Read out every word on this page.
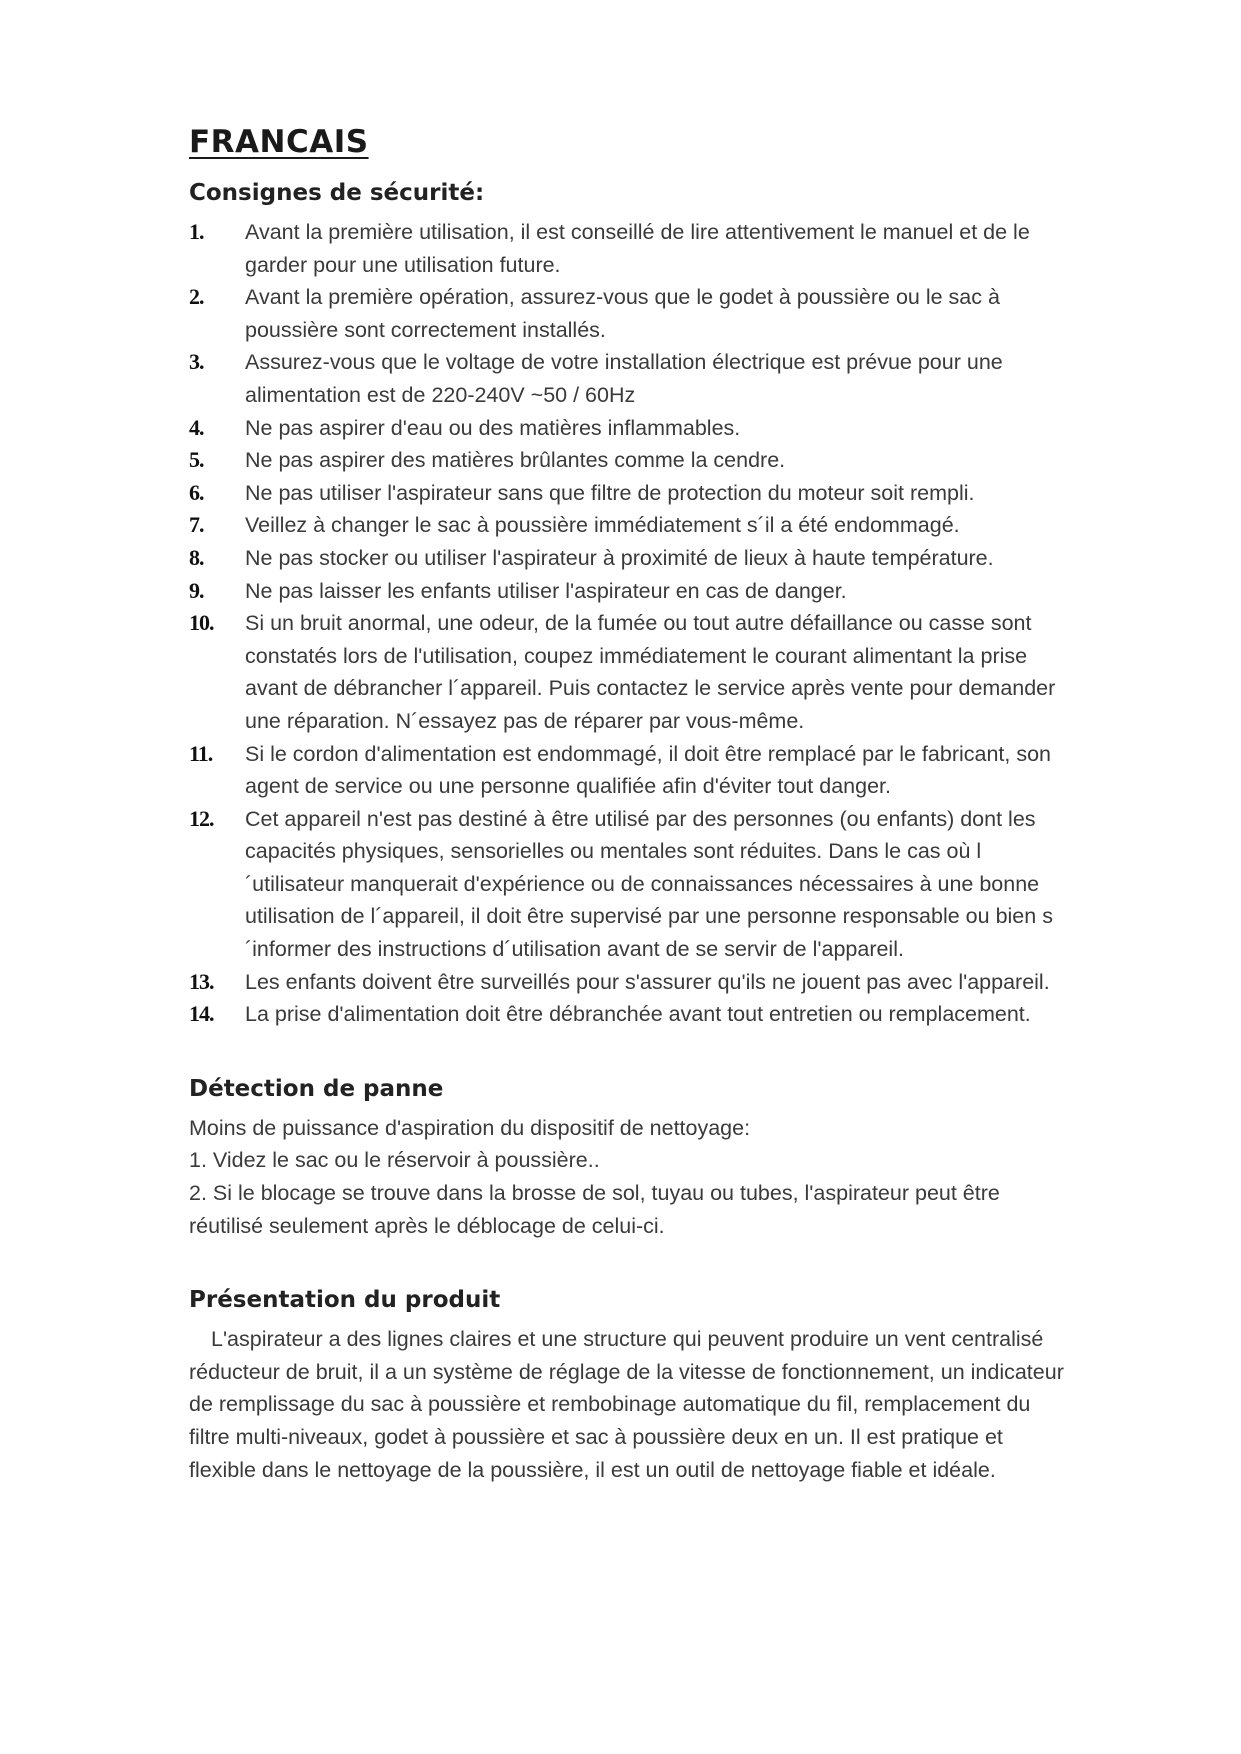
FRANCAIS
Consignes de sécurité:
1.	Avant la première utilisation, il est conseillé de lire attentivement le manuel et de le garder pour une utilisation future.
2.	Avant la première opération, assurez-vous que le godet à poussière ou le sac à poussière sont correctement installés.
3.	Assurez-vous que le voltage de votre installation électrique est prévue pour une alimentation est de 220-240V ~50 / 60Hz
4.	Ne pas aspirer d'eau ou des matières inflammables.
5.	Ne pas aspirer des matières brûlantes comme la cendre.
6.	Ne pas utiliser l'aspirateur sans que filtre de protection du moteur soit rempli.
7.	Veillez à changer le sac à poussière immédiatement s´il a été endommagé.
8.	Ne pas stocker ou utiliser l'aspirateur à proximité de lieux à haute température.
9.	Ne pas laisser les enfants utiliser l'aspirateur en cas de danger.
10.	Si un bruit anormal, une odeur, de la fumée ou tout autre défaillance ou casse sont constatés lors de l'utilisation, coupez immédiatement le courant alimentant la prise avant de débrancher l´appareil. Puis contactez le service après vente pour demander une réparation. N´essayez pas de réparer par vous-même.
11.	Si le cordon d'alimentation est endommagé, il doit être remplacé par le fabricant, son agent de service ou une personne qualifiée afin d'éviter tout danger.
12.	Cet appareil n'est pas destiné à être utilisé par des personnes (ou enfants) dont les capacités physiques, sensorielles ou mentales sont réduites. Dans le cas où l´utilisateur manquerait d'expérience ou de connaissances nécessaires à une bonne utilisation de l´appareil, il doit être supervisé par une personne responsable ou bien s´informer des instructions d´utilisation avant de se servir de l'appareil.
13.	Les enfants doivent être surveillés pour s'assurer qu'ils ne jouent pas avec l'appareil.
14.	La prise d'alimentation doit être débranchée avant tout entretien ou remplacement.
Détection de panne

Moins de puissance d'aspiration du dispositif de nettoyage:

1. Videz le sac ou le réservoir à poussière..

2. Si le blocage se trouve dans la brosse de sol, tuyau ou tubes, l'aspirateur peut être réutilisé seulement après le déblocage de celui-ci.

Présentation du produit

L'aspirateur a des lignes claires et une structure qui peuvent produire un vent centralisé réducteur de bruit, il a un système de réglage de la vitesse de fonctionnement, un indicateur de remplissage du sac à poussière et rembobinage automatique du fil, remplacement du filtre multi-niveaux, godet à poussière et sac à poussière deux en un. Il est pratique et flexible dans le nettoyage de la poussière, il est un outil de nettoyage fiable et idéale.
